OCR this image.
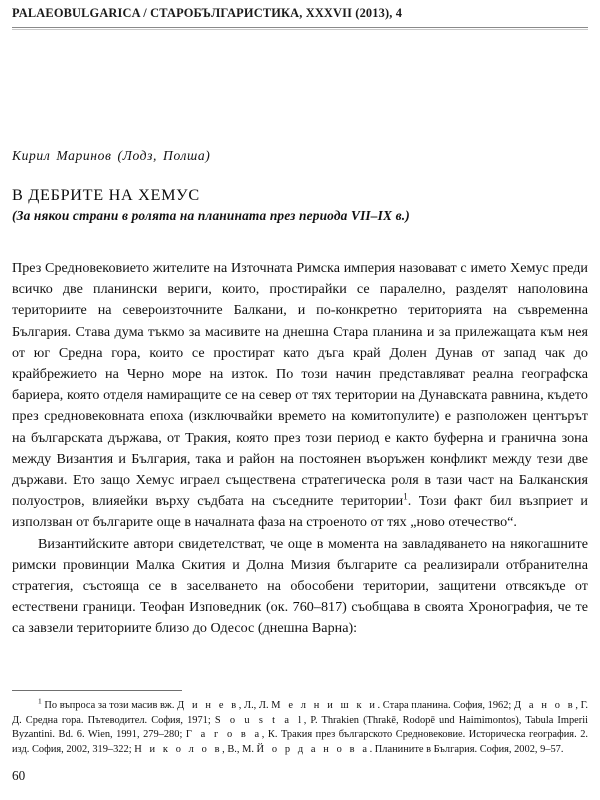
PALAEOBULGARICA / СТАРОБЪЛГАРИСТИКА, XXXVII (2013), 4
Кирил Маринов (Лодз, Полша)
В ДЕБРИТЕ НА ХЕМУС
(За някои страни в ролята на планината през периода VII–IX в.)

През Средновековието жителите на Източната Римска империя назовават с името Хемус преди всичко две планински вериги, които, простирайки се паралелно, разделят наполовина териториите на североизточните Балкани, и по-конкретно територията на съвременна България. Става дума тъкмо за масивите на днешна Стара планина и за прилежащата към нея от юг Средна гора, които се простират като дъга край Долен Дунав от запад чак до крайбрежието на Черно море на изток. По този начин представляват реална географска бариера, която отделя намиращите се на север от тях територии на Дунавската равнина, където през средновековната епоха (изключвайки времето на комитопулите) е разположен центърът на българската държава, от Тракия, която през този период е както буферна и гранична зона между Византия и България, така и район на постоянен въоръжен конфликт между тези две държави. Ето защо Хемус играел съществена стратегическа роля в тази част на Балканския полуостров, влияейки върху съдбата на съседните територии$^1$. Този факт бил възприет и използван от българите още в началната фаза на строеното от тях „ново отечество“.

Византийските автори свидетелстват, че още в момента на завладяването на някогашните римски провинции Малка Скития и Долна Мизия българите са реализирали отбранителна стратегия, състояща се в заселването на обособени територии, защитени отвсякъде от естествени граници. Теофан Изповедник (ок. 760–817) съобщава в своята Хронография, че те са завзели териториите близо до Одесос (днешна Варна):

$^1$ По въпроса за този масив вж. Д и н е в, Л., Л. М е л н и ш к и. Стара планина. София, 1962; Д а н о в, Г. Д. Средна гора. Пътеводител. София, 1971; S o u s t a l, P. Thrakien (Thrakē, Rodopē und Haimimontos), Tabula Imperii Byzantini. Bd. 6. Wien, 1991, 279–280; Г а г о в а, К. Тракия през българското Средновековие. Историческа география. 2. изд. София, 2002, 319–322; Н и к о л о в, В., М. Й о р д а н о в а. Планините в България. София, 2002, 9–57.

60
